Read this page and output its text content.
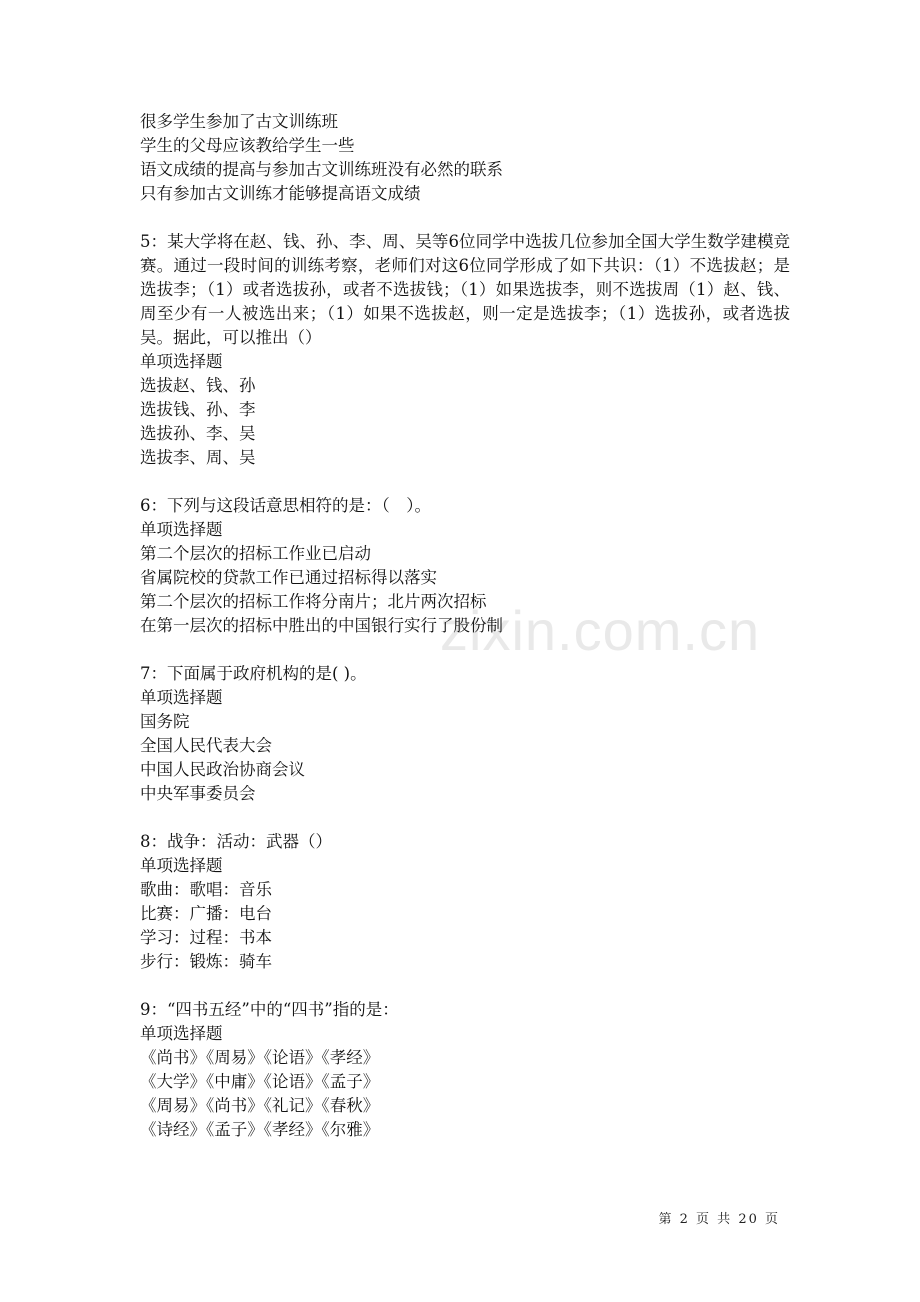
zixin.com.cn
很多学生参加了古文训练班
学生的父母应该教给学生一些
语文成绩的提高与参加古文训练班没有必然的联系
只有参加古文训练才能够提高语文成绩
5：某大学将在赵、钱、孙、李、周、吴等6位同学中选拔几位参加全国大学生数学建模竞赛。通过一段时间的训练考察，老师们对这6位同学形成了如下共识：（1）不选拔赵；是选拔李；（1）或者选拔孙，或者不选拔钱；（1）如果选拔李，则不选拔周（1）赵、钱、周至少有一人被选出来；（1）如果不选拔赵，则一定是选拔李；（1）选拔孙，或者选拔吴。据此，可以推出（）
单项选择题
选拔赵、钱、孙
选拔钱、孙、李
选拔孙、李、吴
选拔李、周、吴
6：下列与这段话意思相符的是：（　）。
单项选择题
第二个层次的招标工作业已启动
省属院校的贷款工作已通过招标得以落实
第二个层次的招标工作将分南片；北片两次招标
在第一层次的招标中胜出的中国银行实行了股份制
7：下面属于政府机构的是( )。
单项选择题
国务院
全国人民代表大会
中国人民政治协商会议
中央军事委员会
8：战争：活动：武器（）
单项选择题
歌曲：歌唱：音乐
比赛：广播：电台
学习：过程：书本
步行：锻炼：骑车
9：“四书五经”中的“四书”指的是：
单项选择题
《尚书》《周易》《论语》《孝经》
《大学》《中庸》《论语》《孟子》
《周易》《尚书》《礼记》《春秋》
《诗经》《孟子》《孝经》《尔雅》
第 2 页 共 20 页
